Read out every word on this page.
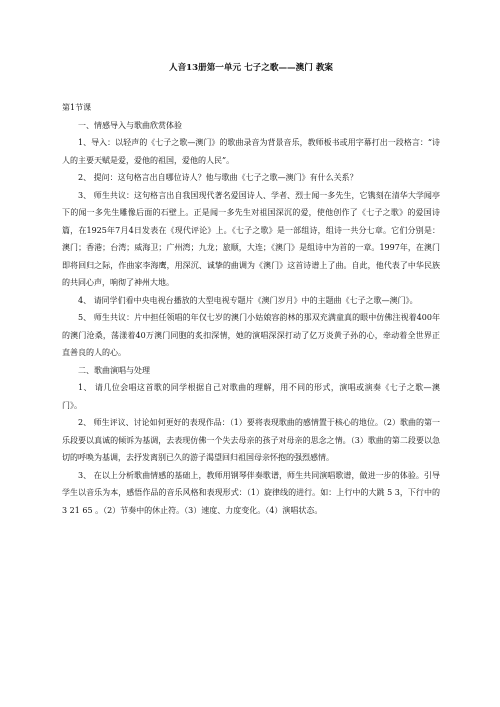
人音13册第一单元 七子之歌——澳门 教案

第1节课

一、情感导入与歌曲欣赏体验

1、导入：以轻声的《七子之歌—澳门》的歌曲录音为背景音乐，教师板书或用字幕打出一段格言：“诗人的主要天赋是爱，爱他的祖国，爱他的人民”。

2、 提问：这句格言出自哪位诗人？他与歌曲《七子之歌—澳门》有什么关系？

3、 师生共议：这句格言出自我国现代著名爱国诗人、学者、烈士闻一多先生，它镌刻在清华大学闻亭下的闻一多先生雕像后面的石壁上。正是闻一多先生对祖国深沉的爱，使他创作了《七子之歌》的爱国诗篇，在1925年7月4日发表在《现代评论》上。《七子之歌》是一部组诗，组诗一共分七章。它们分别是：澳门；香港；台湾；威海卫；广州湾；九龙；旅顺，大连；《澳门》是组诗中为首的一章。1997年，在澳门即将回归之际，作曲家李海鹰，用深沉、诚挚的曲调为《澳门》这首诗谱上了曲。自此，他代表了中华民族的共同心声，响彻了神州大地。

4、 请同学们看中央电视台播放的大型电视专题片《澳门岁月》中的主题曲《七子之歌—澳门》。

5、 师生共议：片中担任领唱的年仅七岁的澳门小姑娘容韵林的那双充满童真的眼中仿佛注视着400年的澳门沧桑，荡漾着40万澳门同胞的炙扣深情，她的演唱深深打动了亿万炎黄子孙的心，牵动着全世界正直善良的人的心。

二、歌曲演唱与处理

1、 请几位会唱这首歌的同学根据自己对歌曲的理解，用不同的形式，演唱或演奏《七子之歌—澳门》。

2、 师生评议、讨论如何更好的表现作品：（1）要将表现歌曲的感情置于核心的地位。（2）歌曲的第一乐段要以真诚的倾诉为基调，去表现仿佛一个失去母亲的孩子对母亲的思念之情。（3）歌曲的第二段要以急切的呼唤为基调，去抒发离别已久的游子渴望回归祖国母亲怀抱的强烈感情。

3、 在以上分析歌曲情感的基础上，教师用钢琴伴奏歌谱，师生共同演唱歌谱，做进一步的体验。引导学生以音乐为本，感悟作品的音乐风格和表现形式：（1）旋律线的进行。如：上行中的大跳 5 3，下行中的 3 21 65 。（2）节奏中的休止符。（3）速度、力度变化。（4）演唱状态。
